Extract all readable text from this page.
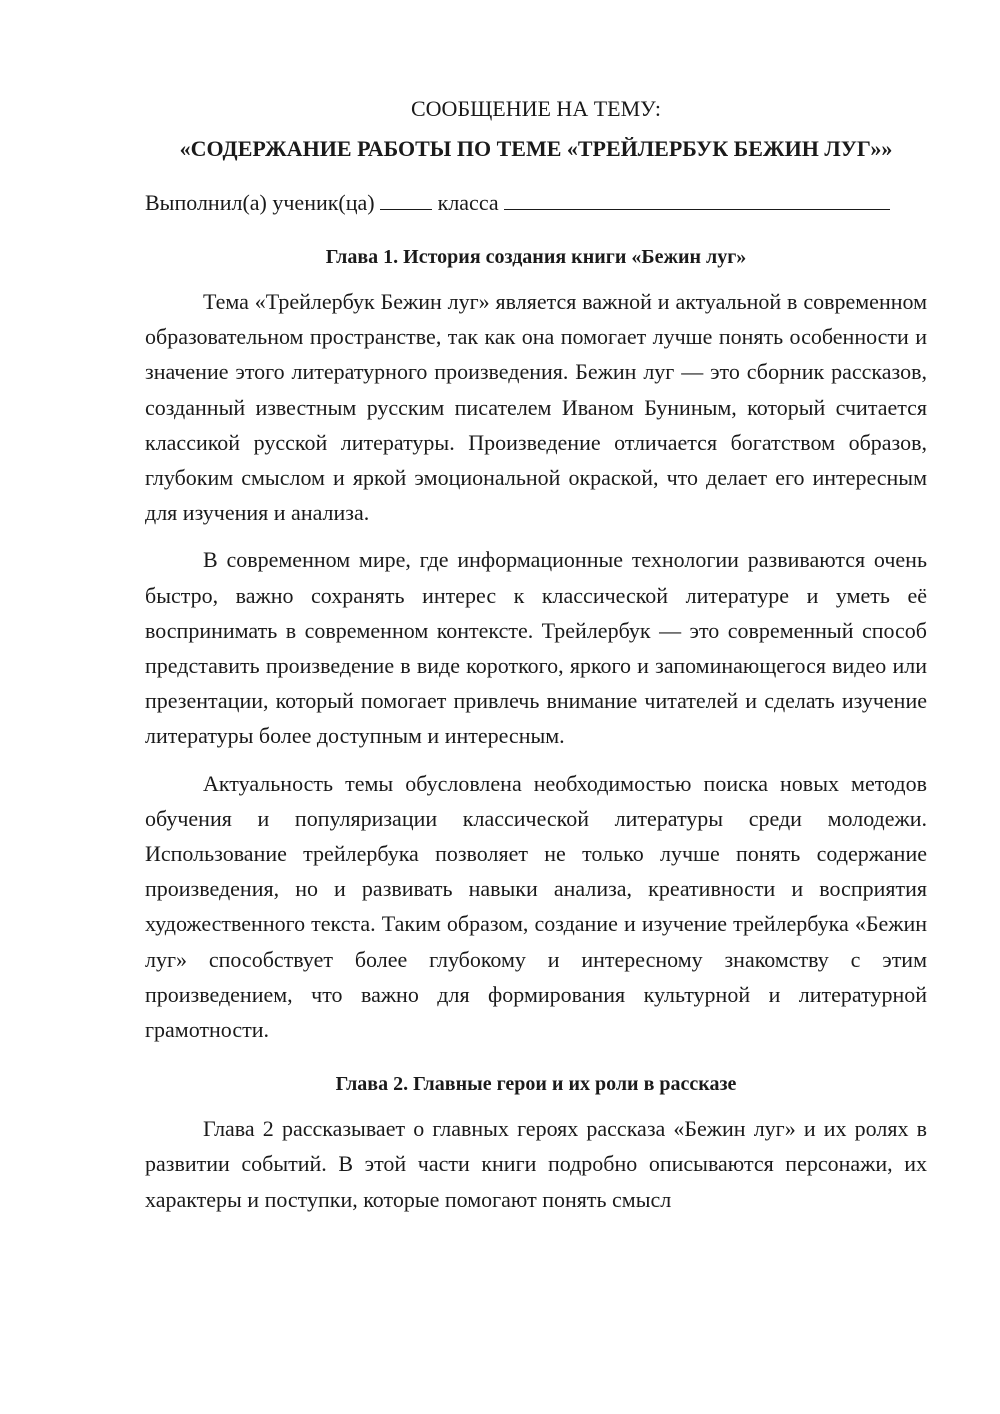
СООБЩЕНИЕ НА ТЕМУ:

«СОДЕРЖАНИЕ РАБОТЫ ПО ТЕМЕ «ТРЕЙЛЕРБУК БЕЖИН ЛУГ»»

Выполнил(а) ученик(ца)	класса

Глава 1. История создания книги «Бежин луг»

Тема «Трейлербук Бежин луг» является важной и актуальной в современном образовательном пространстве, так как она помогает лучше понять особенности и значение этого литературного произведения. Бежин луг — это сборник рассказов, созданный известным русским писателем Иваном Буниным, который считается классикой русской литературы. Произведение отличается богатством образов, глубоким смыслом и яркой эмоциональной окраской, что делает его интересным для изучения и анализа.

В современном мире, где информационные технологии развиваются очень быстро, важно сохранять интерес к классической литературе и уметь её воспринимать в современном контексте. Трейлербук — это современный способ представить произведение в виде короткого, яркого и запоминающегося видео или презентации, который помогает привлечь внимание читателей и сделать изучение литературы более доступным и интересным.

Актуальность темы обусловлена необходимостью поиска новых методов обучения и популяризации классической литературы среди молодежи. Использование трейлербука позволяет не только лучше понять содержание произведения, но и развивать навыки анализа, креативности и восприятия художественного текста. Таким образом, создание и изучение трейлербука «Бежин луг» способствует более глубокому и интересному знакомству с этим произведением, что важно для формирования культурной и литературной грамотности.

Глава 2. Главные герои и их роли в рассказе

Глава 2 рассказывает о главных героях рассказа «Бежин луг» и их ролях в развитии событий. В этой части книги подробно описываются персонажи, их характеры и поступки, которые помогают понять смысл
